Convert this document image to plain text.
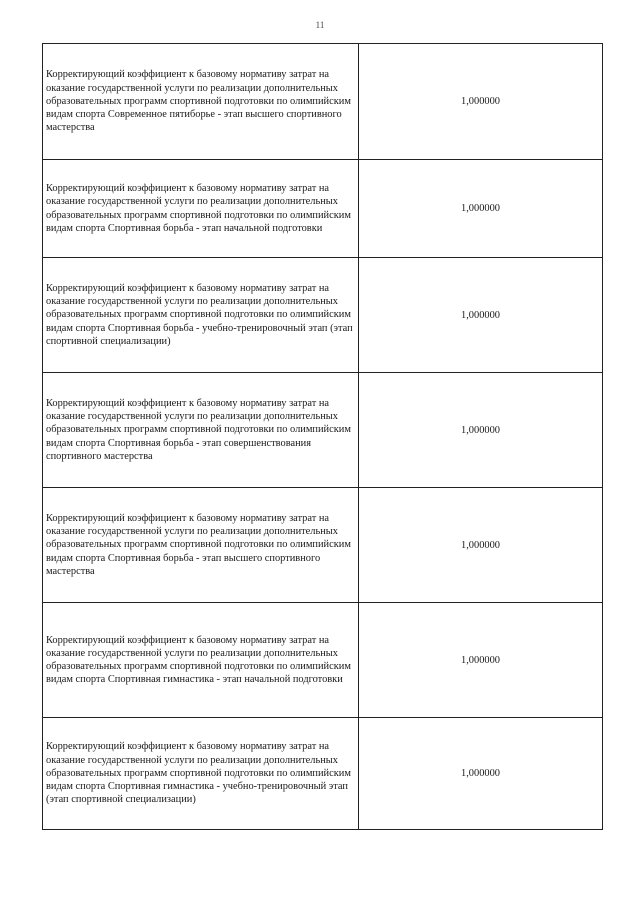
11
Корректирующий коэффициент к базовому нормативу затрат на оказание государственной услуги по реализации дополнительных образовательных программ спортивной подготовки по олимпийским видам спорта Современное пятиборье - этап высшего спортивного мастерства	1,000000

Корректирующий коэффициент к базовому нормативу затрат на оказание государственной услуги по реализации дополнительных образовательных программ спортивной подготовки по олимпийским видам спорта Спортивная борьба - этап начальной подготовки	1,000000

Корректирующий коэффициент к базовому нормативу затрат на оказание государственной услуги по реализации дополнительных образовательных программ спортивной подготовки по олимпийским видам спорта Спортивная борьба - учебно-тренировочный этап (этап спортивной специализации)	1,000000

Корректирующий коэффициент к базовому нормативу затрат на оказание государственной услуги по реализации дополнительных образовательных программ спортивной подготовки по олимпийским видам спорта Спортивная борьба - этап совершенствования спортивного мастерства	1,000000

Корректирующий коэффициент к базовому нормативу затрат на оказание государственной услуги по реализации дополнительных образовательных программ спортивной подготовки по олимпийским видам спорта Спортивная борьба - этап высшего спортивного мастерства	1,000000

Корректирующий коэффициент к базовому нормативу затрат на оказание государственной услуги по реализации дополнительных образовательных программ спортивной подготовки по олимпийским видам спорта Спортивная гимнастика - этап начальной подготовки	1,000000

Корректирующий коэффициент к базовому нормативу затрат на оказание государственной услуги по реализации дополнительных образовательных программ спортивной подготовки по олимпийским видам спорта Спортивная гимнастика - учебно-тренировочный этап (этап спортивной специализации)	1,000000
